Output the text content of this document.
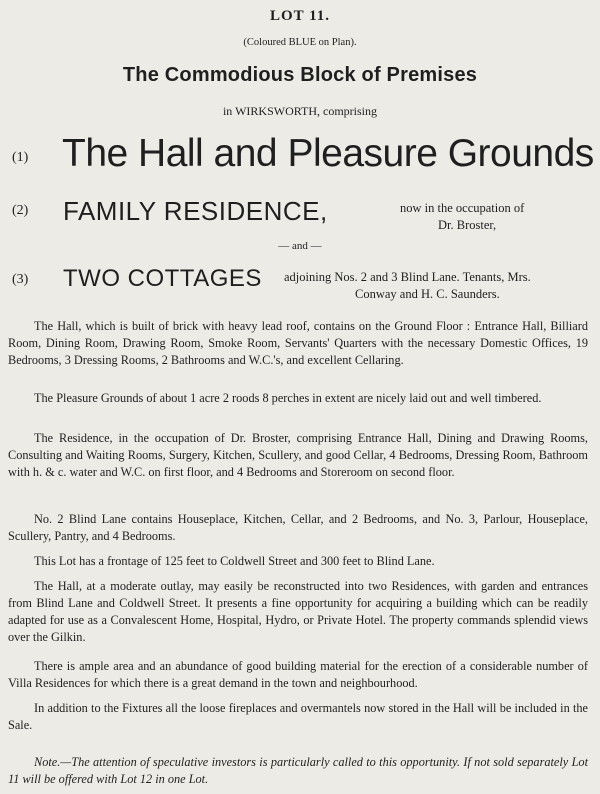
LOT 11.
(Coloured BLUE on Plan).
The Commodious Block of Premises
in WIRKSWORTH, comprising
(1) The Hall and Pleasure Grounds
(2) FAMILY RESIDENCE,	now in the occupation of
Dr. Broster,
— and —
(3) TWO COTTAGES adjoining Nos. 2 and 3 Blind Lane. Tenants, Mrs.
Conway and H. C. Saunders.
The Hall, which is built of brick with heavy lead roof, contains on the Ground Floor : Entrance Hall, Billiard Room, Dining Room, Drawing Room, Smoke Room, Servants' Quarters with the necessary Domestic Offices, 19 Bedrooms, 3 Dressing Rooms, 2 Bathrooms and W.C.'s, and excellent Cellaring.
The Pleasure Grounds of about 1 acre 2 roods 8 perches in extent are nicely laid out and well timbered.
The Residence, in the occupation of Dr. Broster, comprising Entrance Hall, Dining and Drawing Rooms, Consulting and Waiting Rooms, Surgery, Kitchen, Scullery, and good Cellar, 4 Bedrooms, Dressing Room, Bathroom with h. & c. water and W.C. on first floor, and 4 Bedrooms and Storeroom on second floor.
No. 2 Blind Lane contains Houseplace, Kitchen, Cellar, and 2 Bedrooms, and No. 3, Parlour, Houseplace, Scullery, Pantry, and 4 Bedrooms.
This Lot has a frontage of 125 feet to Coldwell Street and 300 feet to Blind Lane.
The Hall, at a moderate outlay, may easily be reconstructed into two Residences, with garden and entrances from Blind Lane and Coldwell Street. It presents a fine opportunity for acquiring a building which can be readily adapted for use as a Convalescent Home, Hospital, Hydro, or Private Hotel. The property commands splendid views over the Gilkin.
There is ample area and an abundance of good building material for the erection of a considerable number of Villa Residences for which there is a great demand in the town and neighbourhood.
In addition to the Fixtures all the loose fireplaces and overmantels now stored in the Hall will be included in the Sale.
Note.—The attention of speculative investors is particularly called to this opportunity. If not sold separately Lot 11 will be offered with Lot 12 in one Lot.
